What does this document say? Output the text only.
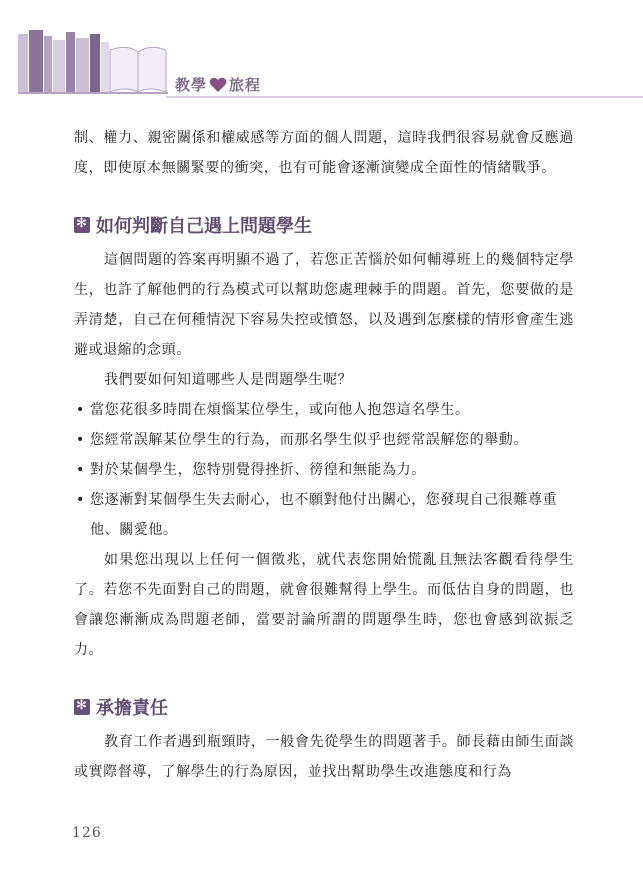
教學 旅程

制、權力、親密關係和權威感等方面的個人問題，這時我們很容易就會反應過度，即使原本無關緊要的衝突，也有可能會逐漸演變成全面性的情緒戰爭。

✻
如何判斷自己遇上問題學生

這個問題的答案再明顯不過了，若您正苦惱於如何輔導班上的幾個特定學生，也許了解他們的行為模式可以幫助您處理棘手的問題。首先，您要做的是弄清楚，自己在何種情況下容易失控或憤怒，以及遇到怎麼樣的情形會產生逃避或退縮的念頭。

我們要如何知道哪些人是問題學生呢？

• 當您花很多時間在煩惱某位學生，或向他人抱怨這名學生。
• 您經常誤解某位學生的行為，而那名學生似乎也經常誤解您的舉動。
• 對於某個學生，您特別覺得挫折、徬徨和無能為力。
• 您逐漸對某個學生失去耐心，也不願對他付出關心，您發現自己很難尊重他、關愛他。

如果您出現以上任何一個徵兆，就代表您開始慌亂且無法客觀看待學生了。若您不先面對自己的問題，就會很難幫得上學生。而低估自身的問題，也會讓您漸漸成為問題老師，當要討論所謂的問題學生時，您也會感到欲振乏力。

✻
承擔責任

教育工作者遇到瓶頸時，一般會先從學生的問題著手。師長藉由師生面談或實際督導，了解學生的行為原因，並找出幫助學生改進態度和行為

126
